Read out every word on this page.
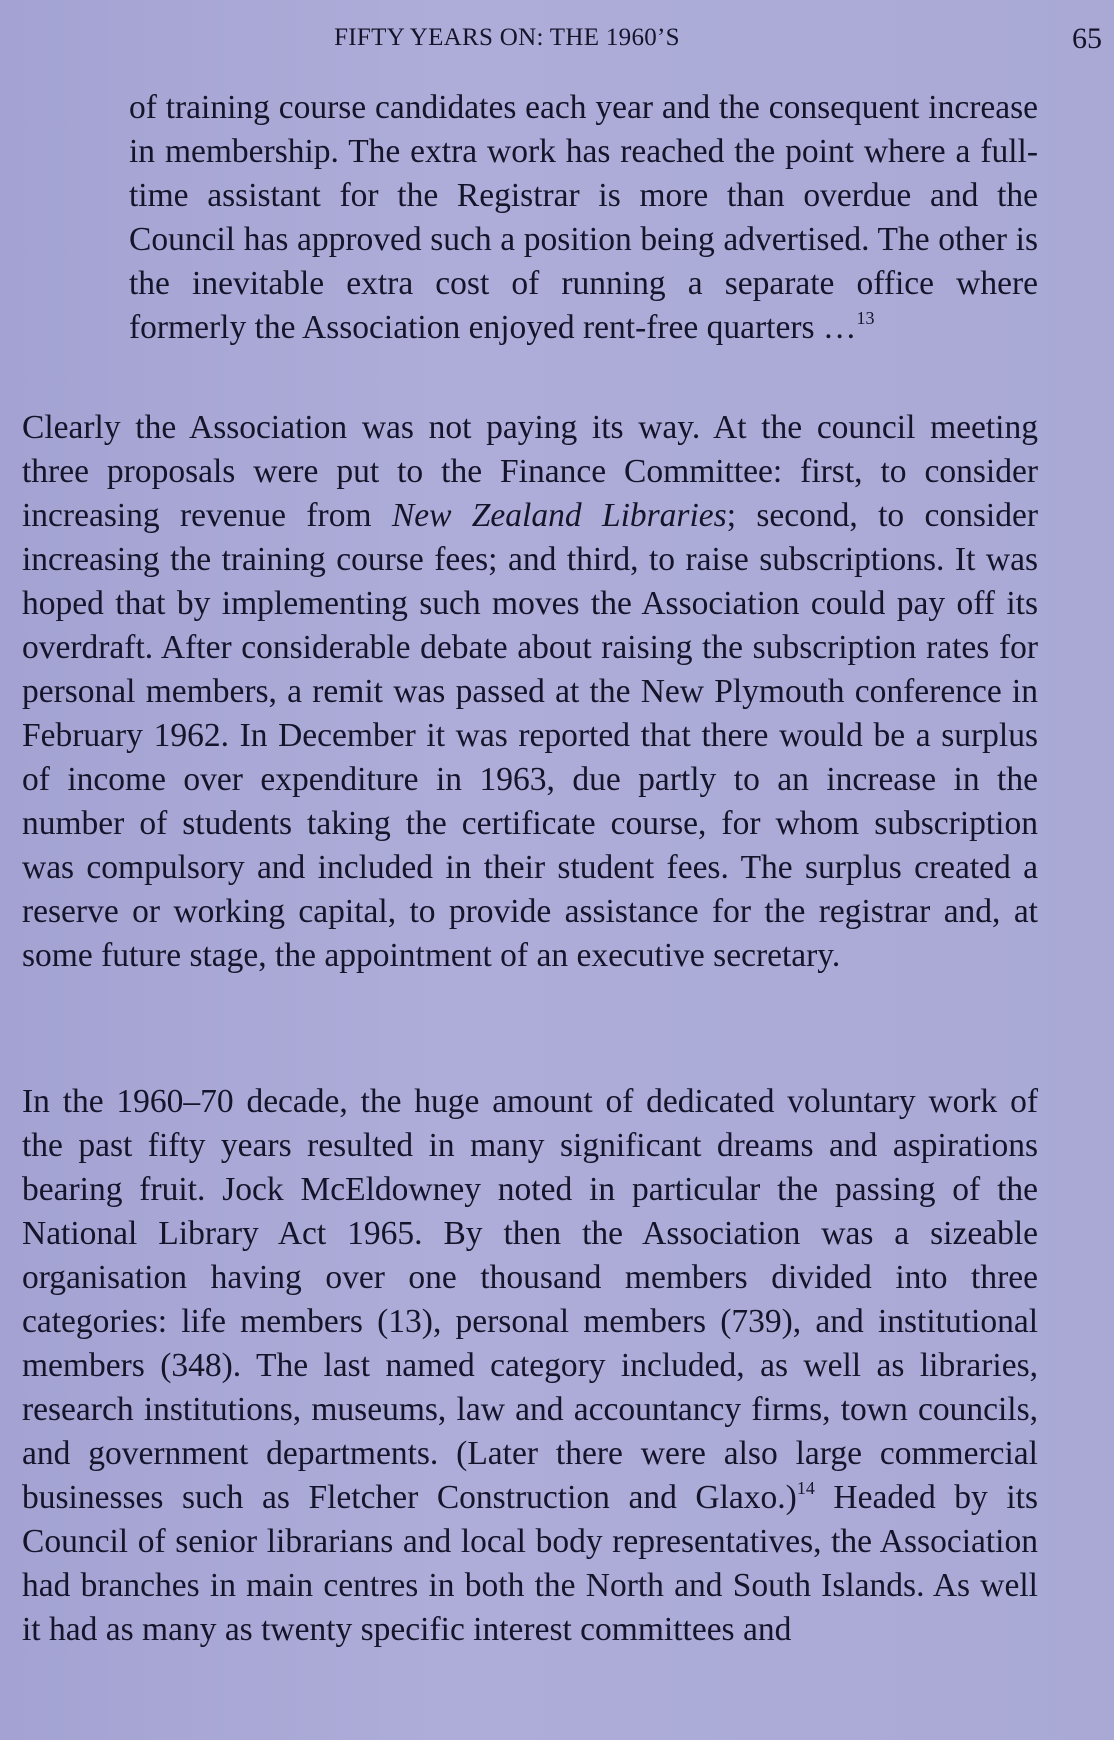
FIFTY YEARS ON: THE 1960’S	65

of training course candidates each year and the consequent increase in membership. The extra work has reached the point where a full-time assistant for the Registrar is more than overdue and the Council has approved such a position being advertised. The other is the inevitable extra cost of running a separate office where formerly the Association enjoyed rent-free quarters …$^{13}$

Clearly the Association was not paying its way. At the council meeting three proposals were put to the Finance Committee: first, to consider increasing revenue from New Zealand Libraries; second, to consider increasing the training course fees; and third, to raise subscriptions. It was hoped that by implementing such moves the Association could pay off its overdraft. After considerable debate about raising the subscription rates for personal members, a remit was passed at the New Plymouth conference in February 1962. In December it was reported that there would be a surplus of income over expenditure in 1963, due partly to an increase in the number of students taking the certificate course, for whom subscription was compulsory and included in their student fees. The surplus created a reserve or working capital, to provide assistance for the registrar and, at some future stage, the appointment of an executive secretary.

In the 1960–70 decade, the huge amount of dedicated voluntary work of the past fifty years resulted in many significant dreams and aspirations bearing fruit. Jock McEldowney noted in particular the passing of the National Library Act 1965. By then the Association was a sizeable organisation having over one thousand members divided into three categories: life members (13), personal members (739), and institutional members (348). The last named category included, as well as libraries, research institutions, museums, law and accountancy firms, town councils, and government departments. (Later there were also large commercial businesses such as Fletcher Construction and Glaxo.)$^{14}$ Headed by its Council of senior librarians and local body representatives, the Association had branches in main centres in both the North and South Islands. As well it had as many as twenty specific interest committees and
